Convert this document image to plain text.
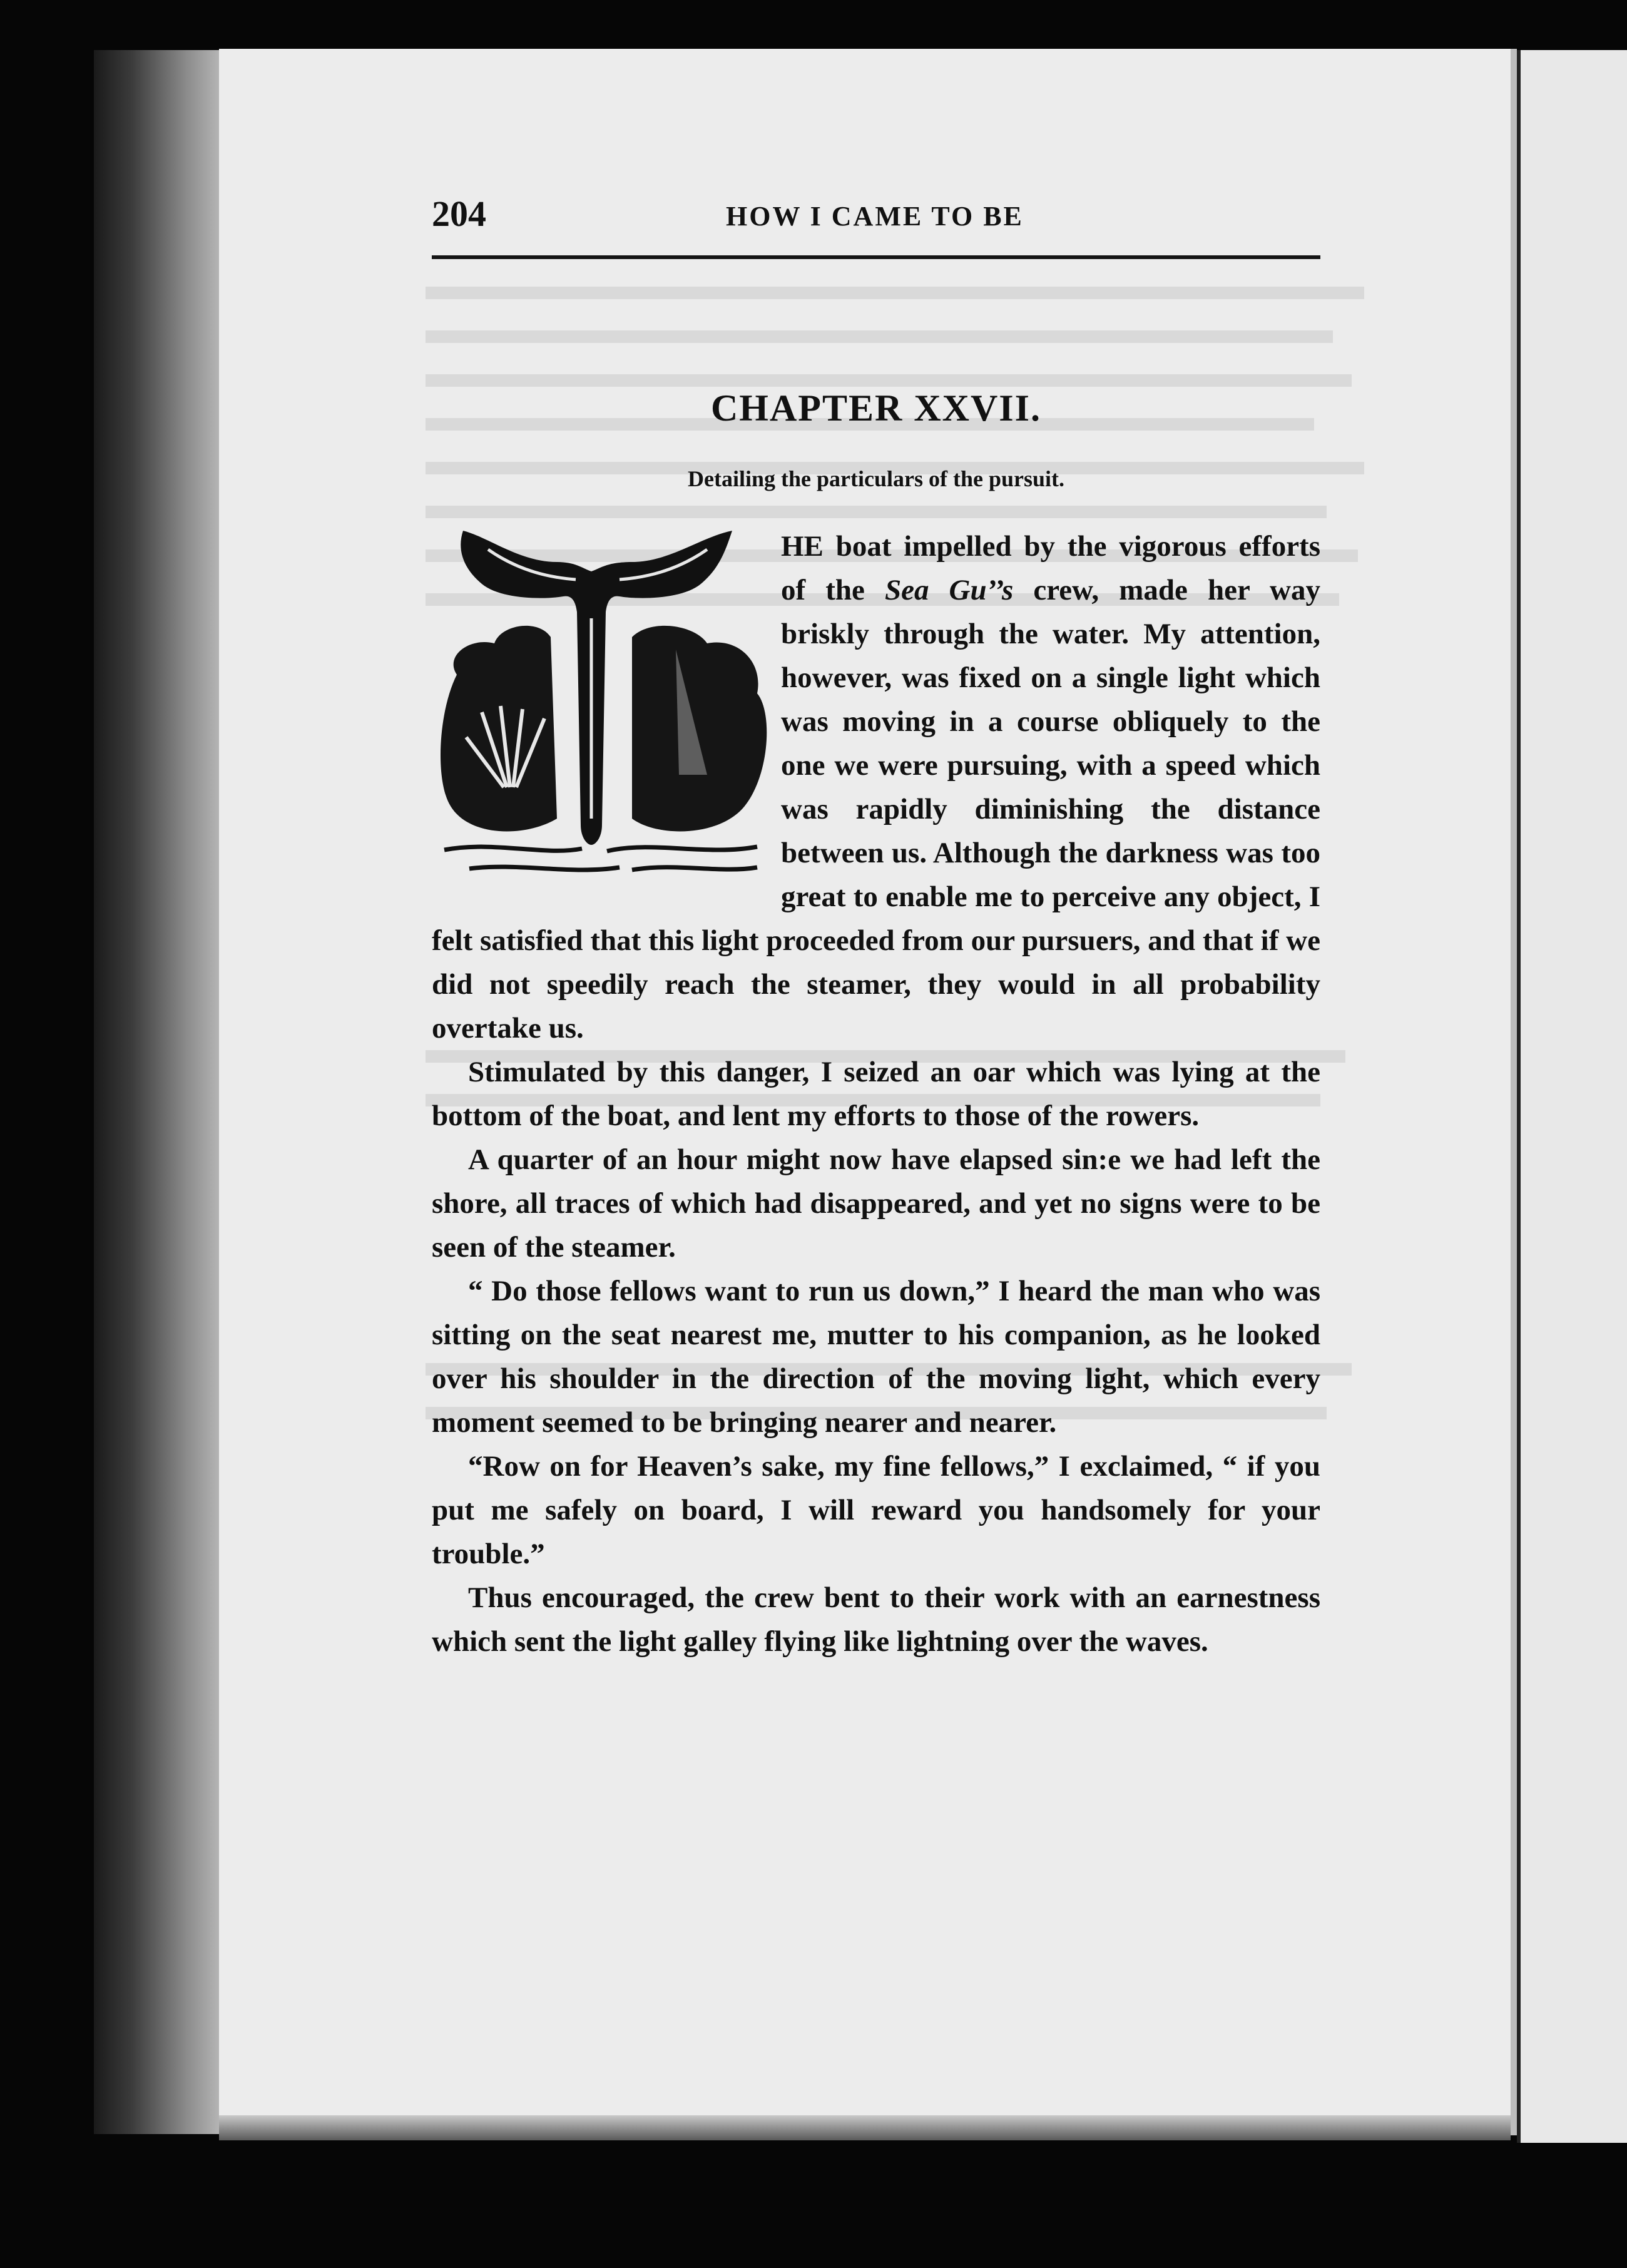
204	HOW I CAME TO BE
CHAPTER XXVII.
Detailing the particulars of the pursuit.

HE boat impelled by the vigorous efforts of the Sea Gu’’s crew, made her way briskly through the water. My attention, however, was fixed on a single light which was moving in a course obliquely to the one we were pursuing, with a speed which was rapidly diminishing the distance between us. Although the darkness was too great to enable me to perceive any object, I felt satisfied that this light proceeded from our pursuers, and that if we did not speedily reach the steamer, they would in all probability overtake us.

Stimulated by this danger, I seized an oar which was lying at the bottom of the boat, and lent my efforts to those of the rowers.

A quarter of an hour might now have elapsed sin:e we had left the shore, all traces of which had disappeared, and yet no signs were to be seen of the steamer.

“ Do those fellows want to run us down,” I heard the man who was sitting on the seat nearest me, mutter to his companion, as he looked over his shoulder in the direction of the moving light, which every moment seemed to be bringing nearer and nearer.

“Row on for Heaven’s sake, my fine fellows,” I exclaimed, “ if you put me safely on board, I will reward you handsomely for your trouble.”

Thus encouraged, the crew bent to their work with an earnestness which sent the light galley flying like lightning over the waves.
